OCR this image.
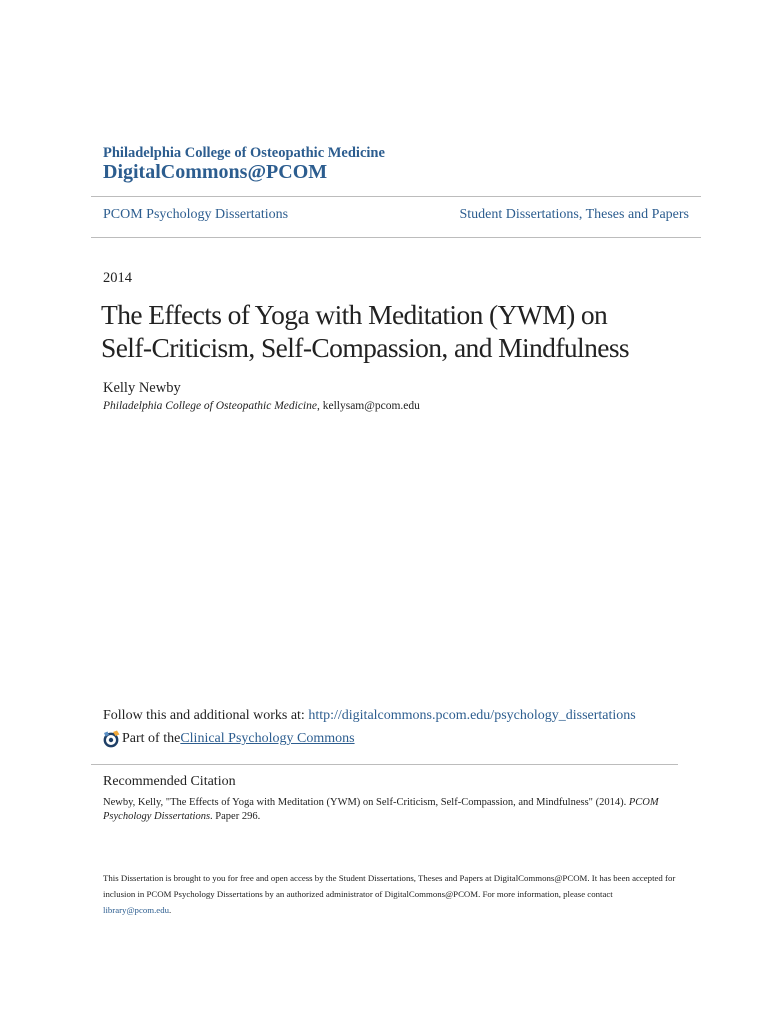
Philadelphia College of Osteopathic Medicine
DigitalCommons@PCOM
PCOM Psychology Dissertations	Student Dissertations, Theses and Papers
2014
The Effects of Yoga with Meditation (YWM) on
Self-Criticism, Self-Compassion, and Mindfulness
Kelly Newby
Philadelphia College of Osteopathic Medicine, kellysam@pcom.edu
Follow this and additional works at: http://digitalcommons.pcom.edu/psychology_dissertations
Part of the Clinical Psychology Commons
Recommended Citation
Newby, Kelly, "The Effects of Yoga with Meditation (YWM) on Self-Criticism, Self-Compassion, and Mindfulness" (2014). PCOM Psychology Dissertations. Paper 296.
This Dissertation is brought to you for free and open access by the Student Dissertations, Theses and Papers at DigitalCommons@PCOM. It has been accepted for inclusion in PCOM Psychology Dissertations by an authorized administrator of DigitalCommons@PCOM. For more information, please contact library@pcom.edu.
